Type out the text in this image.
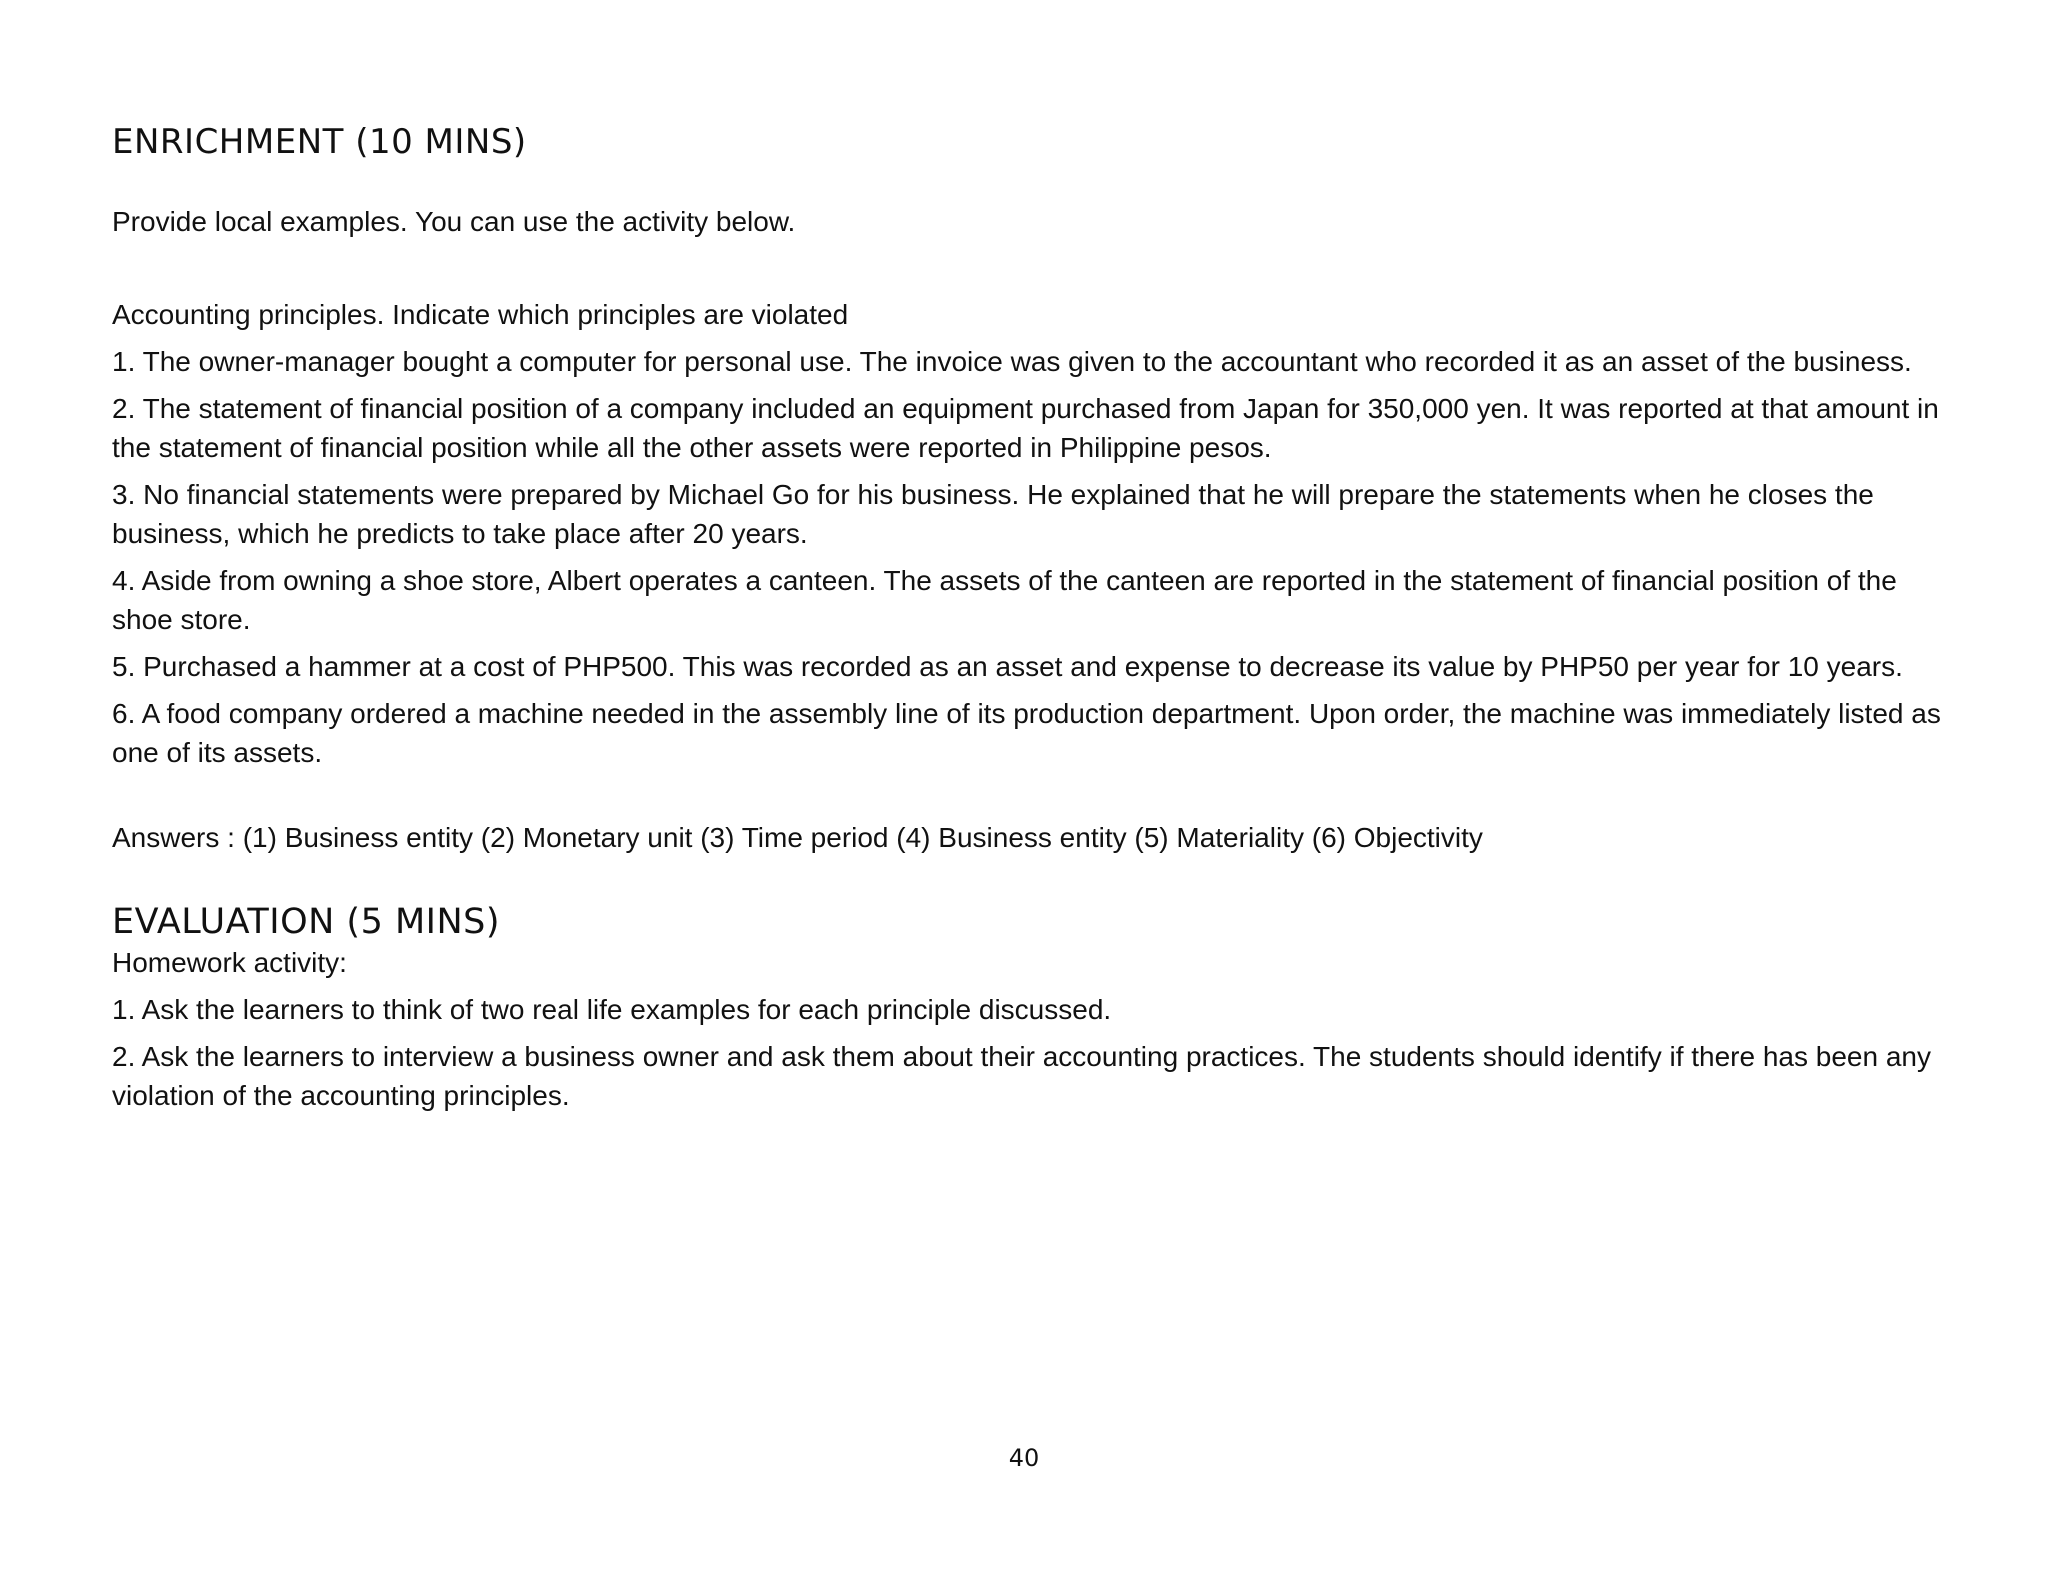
ENRICHMENT (10 MINS)

Provide local examples. You can use the activity below.

Accounting principles. Indicate which principles are violated

1. The owner-manager bought a computer for personal use. The invoice was given to the accountant who recorded it as an asset of the business.

2. The statement of financial position of a company included an equipment purchased from Japan for 350,000 yen. It was reported at that amount in the statement of financial position while all the other assets were reported in Philippine pesos.

3. No financial statements were prepared by Michael Go for his business. He explained that he will prepare the statements when he closes the business, which he predicts to take place after 20 years.

4. Aside from owning a shoe store, Albert operates a canteen. The assets of the canteen are reported in the statement of financial position of the shoe store.

5. Purchased a hammer at a cost of PHP500. This was recorded as an asset and expense to decrease its value by PHP50 per year for 10 years.

6. A food company ordered a machine needed in the assembly line of its production department. Upon order, the machine was immediately listed as one of its assets.

Answers : (1) Business entity (2) Monetary unit (3) Time period (4) Business entity (5) Materiality (6) Objectivity

EVALUATION (5 MINS)

Homework activity:

1. Ask the learners to think of two real life examples for each principle discussed.

2. Ask the learners to interview a business owner and ask them about their accounting practices. The students should identify if there has been any violation of the accounting principles.

40
